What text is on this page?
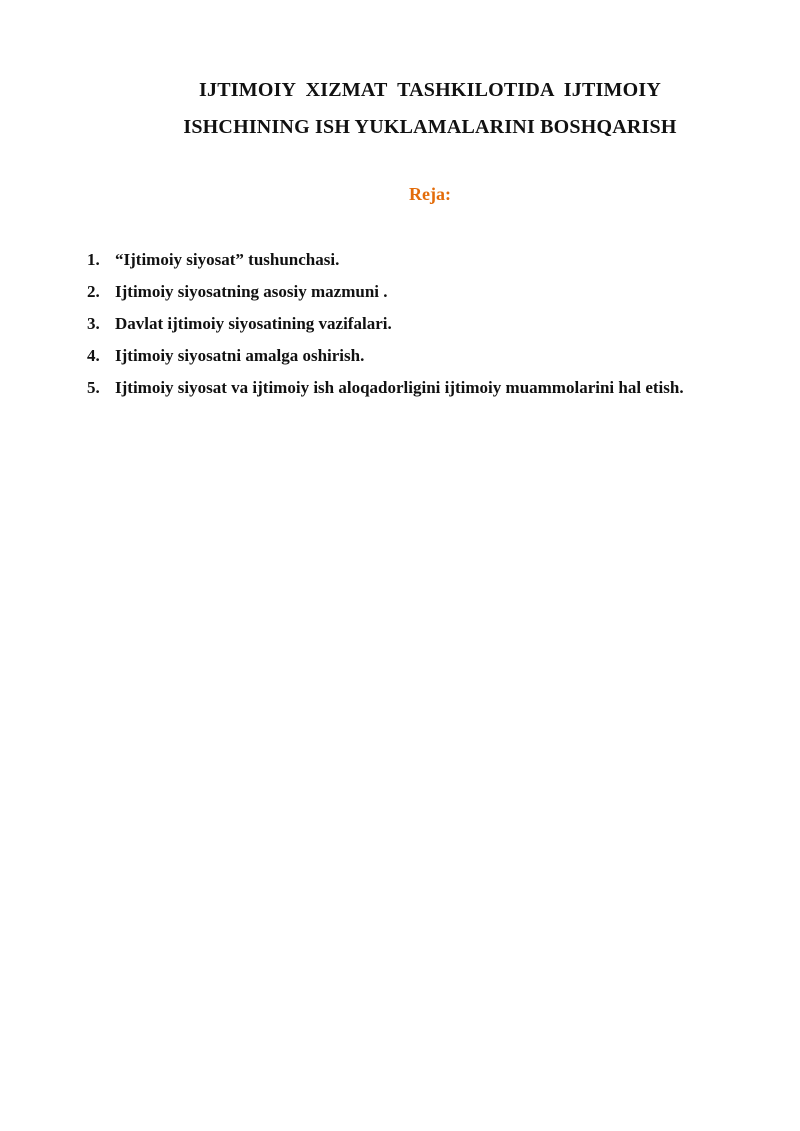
IJTIMOIY XIZMAT TASHKILOTIDA IJTIMOIY
ISHCHINING ISH YUKLAMALARINI BOSHQARISH
Reja:
1. “Ijtimoiy siyosat” tushunchasi.
2. Ijtimoiy siyosatning asosiy mazmuni .
3. Davlat ijtimoiy siyosatining vazifalari.
4. Ijtimoiy siyosatni amalga oshirish.
5. Ijtimoiy siyosat va ijtimoiy ish aloqadorligini ijtimoiy muammolarini hal etish.
